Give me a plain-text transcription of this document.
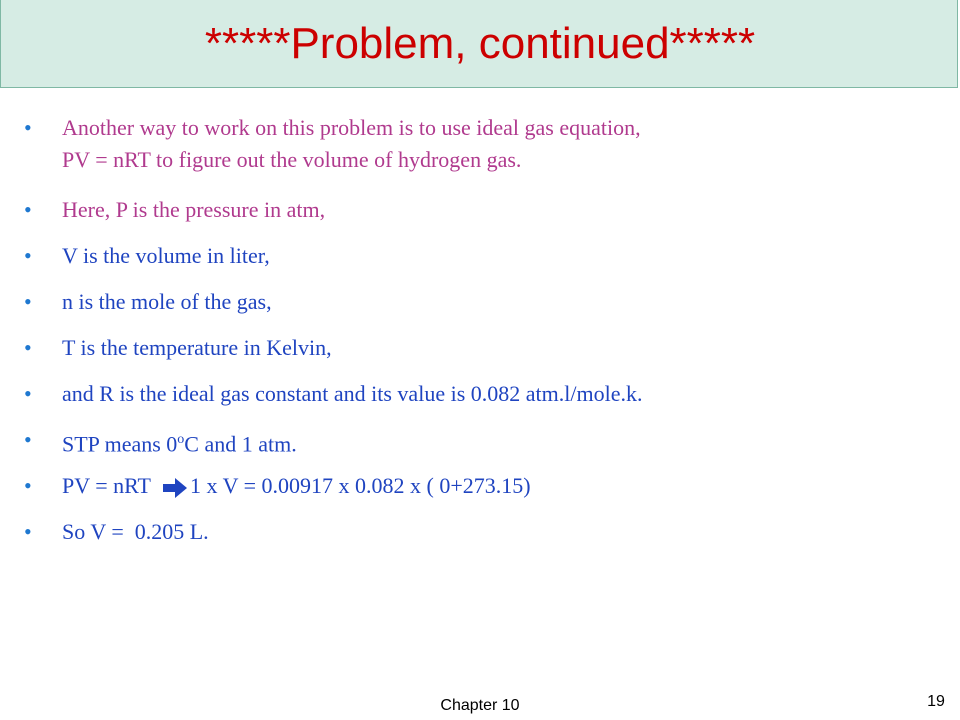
*****Problem, continued*****
• Another way to work on this problem is to use ideal gas equation,
PV = nRT to figure out the volume of hydrogen gas.
• Here, P is the pressure in atm,
• V is the volume in liter,
• n is the mole of the gas,
• T is the temperature in Kelvin,
• and R is the ideal gas constant and its value is 0.082 atm.l/mole.k.
• STP means 0$^o$C and 1 atm.
• PV = nRT 1 x V = 0.00917 x 0.082 x ( 0+273.15)
• So V =  0.205 L.
Chapter 10	19
